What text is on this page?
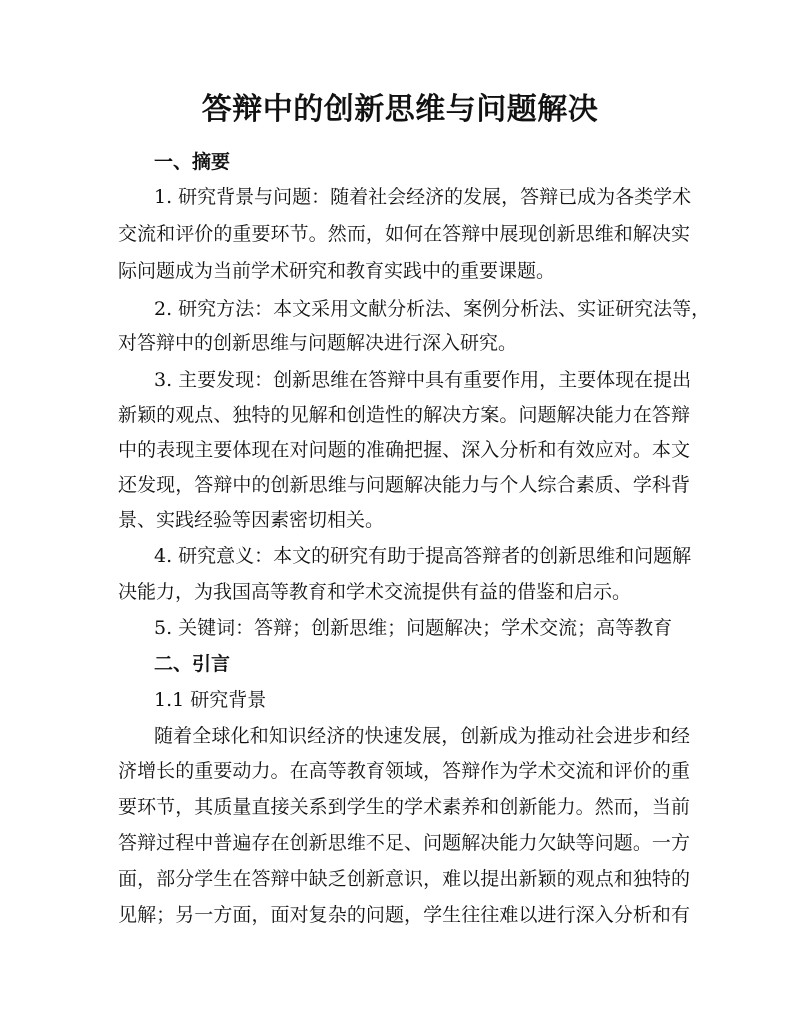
答辩中的创新思维与问题解决
一、摘要
1. 研究背景与问题：随着社会经济的发展，答辩已成为各类学术
交流和评价的重要环节。然而，如何在答辩中展现创新思维和解决实
际问题成为当前学术研究和教育实践中的重要课题。
2. 研究方法：本文采用文献分析法、案例分析法、实证研究法等，
对答辩中的创新思维与问题解决进行深入研究。
3. 主要发现：创新思维在答辩中具有重要作用，主要体现在提出
新颖的观点、独特的见解和创造性的解决方案。问题解决能力在答辩
中的表现主要体现在对问题的准确把握、深入分析和有效应对。本文
还发现，答辩中的创新思维与问题解决能力与个人综合素质、学科背
景、实践经验等因素密切相关。
4. 研究意义：本文的研究有助于提高答辩者的创新思维和问题解
决能力，为我国高等教育和学术交流提供有益的借鉴和启示。
5. 关键词：答辩；创新思维；问题解决；学术交流；高等教育
二、引言
1.1 研究背景
随着全球化和知识经济的快速发展，创新成为推动社会进步和经
济增长的重要动力。在高等教育领域，答辩作为学术交流和评价的重
要环节，其质量直接关系到学生的学术素养和创新能力。然而，当前
答辩过程中普遍存在创新思维不足、问题解决能力欠缺等问题。一方
面，部分学生在答辩中缺乏创新意识，难以提出新颖的观点和独特的
见解；另一方面，面对复杂的问题，学生往往难以进行深入分析和有
